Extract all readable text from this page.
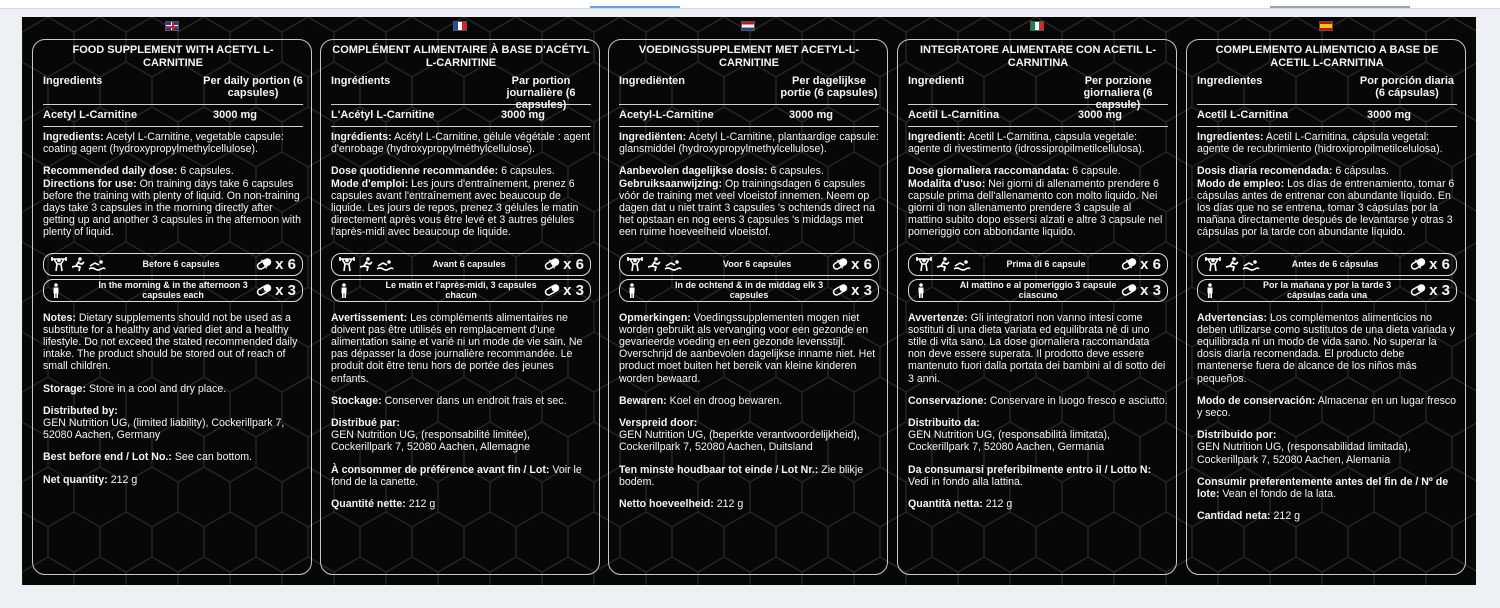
FOOD SUPPLEMENT WITH ACETYL L-CARNITINE
Ingredients	Per daily portion (6 capsules)
Acetyl L-Carnitine	3000 mg

Ingredients: Acetyl L-Carnitine, vegetable capsule: coating agent (hydroxypropylmethylcellulose).

Recommended daily dose: 6 capsules.

Directions for use: On training days take 6 capsules before the training with plenty of liquid. On non-training days take 3 capsules in the morning directly after getting up and another 3 capsules in the afternoon with plenty of liquid.

Before 6 capsules	x 6
In the morning & in the afternoon 3 capsules each	x 3

Notes: Dietary supplements should not be used as a substitute for a healthy and varied diet and a healthy lifestyle. Do not exceed the stated recommended daily intake. The product should be stored out of reach of small children.

Storage: Store in a cool and dry place.

Distributed by:
GEN Nutrition UG, (limited liability), Cockerillpark 7, 52080 Aachen, Germany

Best before end / Lot No.: See can bottom.

Net quantity: 212 g

COMPLÉMENT ALIMENTAIRE À BASE D'ACÉTYL L-CARNITINE
Ingrédients	Par portion journalière (6 capsules)
L'Acétyl L-Carnitine	3000 mg

Ingrédients: Acétyl L-Carnitine, gélule végétale : agent d'enrobage (hydroxypropylméthylcellulose).

Dose quotidienne recommandée: 6 capsules.

Mode d'emploi: Les jours d'entraînement, prenez 6 capsules avant l'entraînement avec beaucoup de liquide. Les jours de repos, prenez 3 gélules le matin directement après vous être levé et 3 autres gélules l'après-midi avec beaucoup de liquide.

Avant 6 capsules	x 6
Le matin et l'après-midi, 3 capsules chacun	x 3

Avertissement: Les compléments alimentaires ne doivent pas être utilisés en remplacement d'une alimentation saine et varié ni un mode de vie sain. Ne pas dépasser la dose journalière recommandée. Le produit doit être tenu hors de portée des jeunes enfants.

Stockage: Conserver dans un endroit frais et sec.

Distribué par:
GEN Nutrition UG, (responsabilité limitée), Cockerillpark 7, 52080 Aachen, Allemagne

À consommer de préférence avant fin / Lot: Voir le fond de la canette.

Quantité nette: 212 g

VOEDINGSSUPPLEMENT MET ACETYL-L-CARNITINE
Ingrediënten	Per dagelijkse portie (6 capsules)
Acetyl-L-Carnitine	3000 mg

Ingrediënten: Acetyl L-Carnitine, plantaardige capsule: glansmiddel (hydroxypropylmethylcellulose).

Aanbevolen dagelijkse dosis: 6 capsules.

Gebruiksaanwijzing: Op trainingsdagen 6 capsules vóór de training met veel vloeistof innemen. Neem op dagen dat u niet traint 3 capsules 's ochtends direct na het opstaan en nog eens 3 capsules 's middags met een ruime hoeveelheid vloeistof.

Voor 6 capsules	x 6
In de ochtend & in de middag elk 3 capsules	x 3

Opmerkingen: Voedingssupplementen mogen niet worden gebruikt als vervanging voor een gezonde en gevarieerde voeding en een gezonde levensstijl. Overschrijd de aanbevolen dagelijkse inname niet. Het product moet buiten het bereik van kleine kinderen worden bewaard.

Bewaren: Koel en droog bewaren.

Verspreid door:
GEN Nutrition UG, (beperkte verantwoordelijkheid), Cockerillpark 7, 52080 Aachen, Duitsland

Ten minste houdbaar tot einde / Lot Nr.: Zie blikje bodem.

Netto hoeveelheid: 212 g

INTEGRATORE ALIMENTARE CON ACETIL L-CARNITINA
Ingredienti	Per porzione giornaliera (6 capsule)
Acetil L-Carnitina	3000 mg

Ingredienti: Acetil L-Carnitina, capsula vegetale: agente di rivestimento (idrossipropilmetilcellulosa).

Dose giornaliera raccomandata: 6 capsule.

Modalita d'uso: Nei giorni di allenamento prendere 6 capsule prima dell'allenamento con molto liquido. Nei giorni di non allenamento prendere 3 capsule al mattino subito dopo essersi alzati e altre 3 capsule nel pomeriggio con abbondante liquido.

Prima di 6 capsule	x 6
Al mattino e al pomeriggio 3 capsule ciascuno	x 3

Avvertenze: Gli integratori non vanno intesi come sostituti di una dieta variata ed equilibrata né di uno stile di vita sano. La dose giornaliera raccomandata non deve essere superata. Il prodotto deve essere mantenuto fuori dalla portata dei bambini al di sotto dei 3 anni.

Conservazione: Conservare in luogo fresco e asciutto.

Distribuito da:
GEN Nutrition UG, (responsabilità limitata), Cockerillpark 7, 52080 Aachen, Germania

Da consumarsi preferibilmente entro il / Lotto N: Vedi in fondo alla lattina.

Quantità netta: 212 g

COMPLEMENTO ALIMENTICIO A BASE DE ACETIL L-CARNITINA
Ingredientes	Por porción diaria (6 cápsulas)
Acetil L-Carnitina	3000 mg

Ingredientes: Acetil L-Carnitina, cápsula vegetal: agente de recubrimiento (hidroxipropilmetilcelulosa).

Dosis diaria recomendada: 6 cápsulas.

Modo de empleo: Los días de entrenamiento, tomar 6 cápsulas antes de entrenar con abundante líquido. En los días que no se entrena, tomar 3 cápsulas por la mañana directamente después de levantarse y otras 3 cápsulas por la tarde con abundante líquido.

Antes de 6 cápsulas	x 6
Por la mañana y por la tarde 3 cápsulas cada una	x 3

Advertencias: Los complementos alimenticios no deben utilizarse como sustitutos de una dieta variada y equilibrada ni un modo de vida sano. No superar la dosis diaria recomendada. El producto debe mantenerse fuera de alcance de los niños más pequeños.

Modo de conservación: Almacenar en un lugar fresco y seco.

Distribuido por:
GEN Nutrition UG, (responsabilidad limitada), Cockerillpark 7, 52080 Aachen, Alemania

Consumir preferentemente antes del fin de / Nº de lote: Vean el fondo de la lata.

Cantidad neta: 212 g
